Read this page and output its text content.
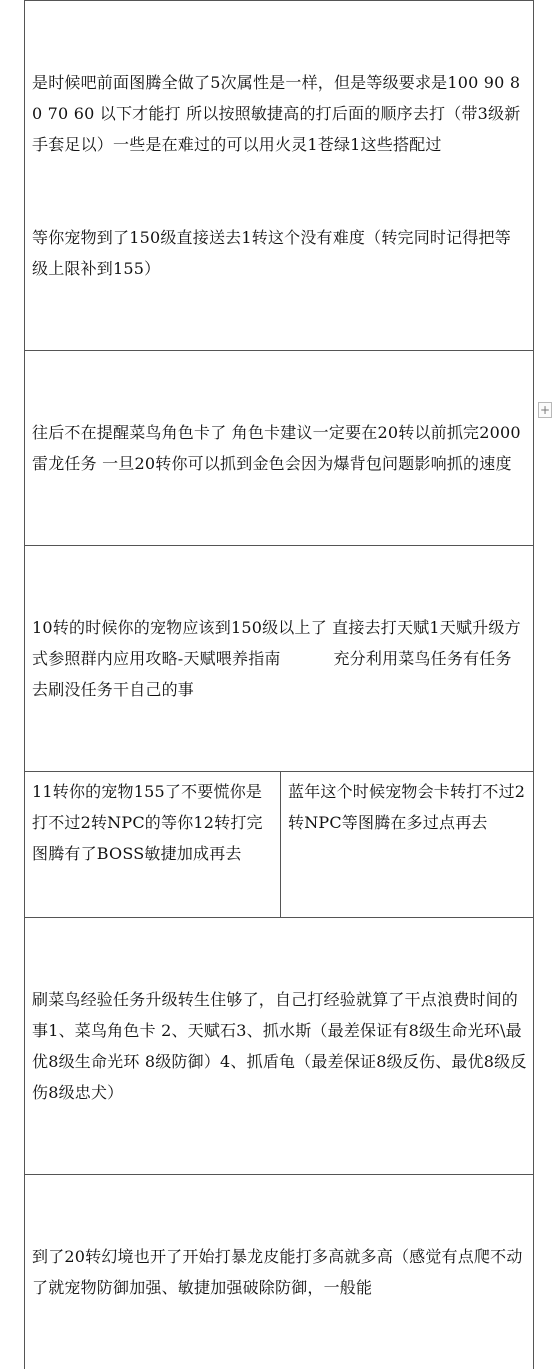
是时候吧前面图腾全做了5次属性是一样，但是等级要求是100 90 80 70 60 以下才能打 所以按照敏捷高的打后面的顺序去打（带3级新手套足以）一些是在难过的可以用火灵1苍绿1这些搭配过

等你宠物到了150级直接送去1转这个没有难度（转完同时记得把等级上限补到155）

往后不在提醒菜鸟角色卡了 角色卡建议一定要在20转以前抓完2000雷龙任务 一旦20转你可以抓到金色会因为爆背包问题影响抓的速度

10转的时候你的宠物应该到150级以上了 直接去打天赋1天赋升级方式参照群内应用攻略-天赋喂养指南          充分利用菜鸟任务有任务去刷没任务干自己的事

11转你的宠物155了不要慌你是打不过2转NPC的等你12转打完图腾有了BOSS敏捷加成再去	蓝年这个时候宠物会卡转打不过2转NPC等图腾在多过点再去

刷菜鸟经验任务升级转生住够了，自己打经验就算了干点浪费时间的事1、菜鸟角色卡 2、天赋石3、抓水斯（最差保证有8级生命光环\最优8级生命光环 8级防御）4、抓盾龟（最差保证8级反伤、最优8级反伤8级忠犬）

到了20转幻境也开了开始打暴龙皮能打多高就多高（感觉有点爬不动了就宠物防御加强、敏捷加强破除防御，一般能

+
